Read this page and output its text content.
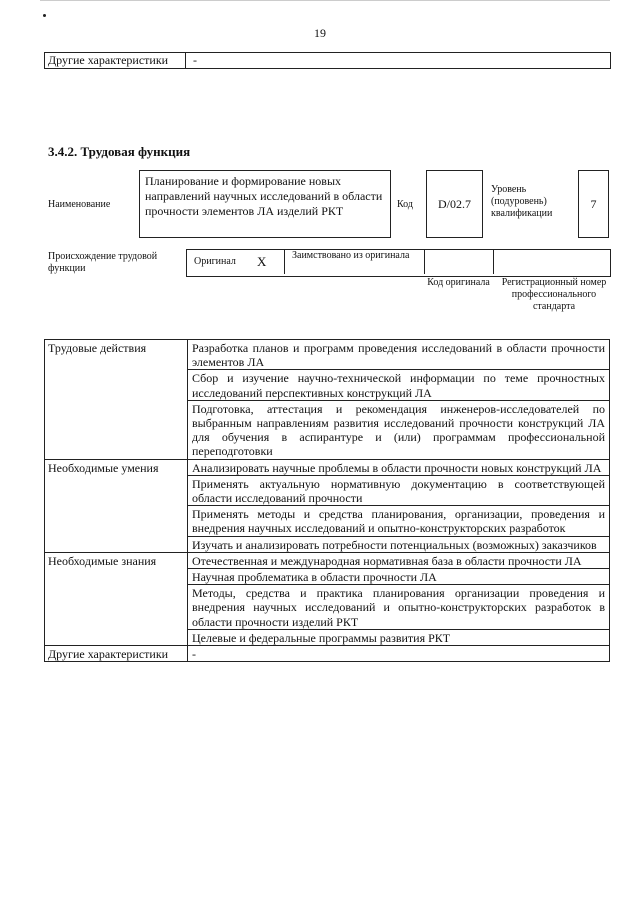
19
Другие характеристики	-
3.4.2. Трудовая функция
Наименование
Планирование и формирование новых направлений научных исследований в области прочности элементов ЛА изделий РКТ	Код	D/02.7
Уровень (подуровень) квалификации
7
Происхождение трудовой функции
Оригинал X	Заимствовано из оригинала
Код оригинала	Регистрационный номер профессионального стандарта
Трудовые действия	Разработка планов и программ проведения исследований в области прочности элементов ЛА
	Сбор и изучение научно-технической информации по теме прочностных исследований перспективных конструкций ЛА
	Подготовка, аттестация и рекомендация инженеров-исследователей по выбранным направлениям развития исследований прочности конструкций ЛА для обучения в аспирантуре и (или) программам профессиональной переподготовки
Необходимые умения	Анализировать научные проблемы в области прочности новых конструкций ЛА
	Применять актуальную нормативную документацию в соответствующей области исследований прочности
	Применять методы и средства планирования, организации, проведения и внедрения научных исследований и опытно-конструкторских разработок
	Изучать и анализировать потребности потенциальных (возможных) заказчиков
Необходимые знания	Отечественная и международная нормативная база в области прочности ЛА
	Научная проблематика в области прочности ЛА
	Методы, средства и практика планирования организации проведения и внедрения научных исследований и опытно-конструкторских разработок в области прочности изделий РКТ
	Целевые и федеральные программы развития РКТ
Другие характеристики	-
